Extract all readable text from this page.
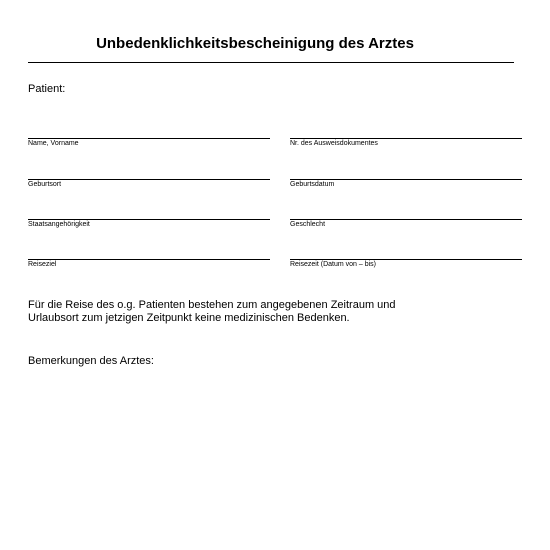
Unbedenklichkeitsbescheinigung des Arztes
Patient:
Name, Vorname	Nr. des Ausweisdokumentes
Geburtsort	Geburtsdatum
Staatsangehörigkeit	Geschlecht
Reiseziel	Reisezeit (Datum von – bis)
Für die Reise des o.g. Patienten bestehen zum angegebenen Zeitraum und
Urlaubsort zum jetzigen Zeitpunkt keine medizinischen Bedenken.
Bemerkungen des Arztes:
